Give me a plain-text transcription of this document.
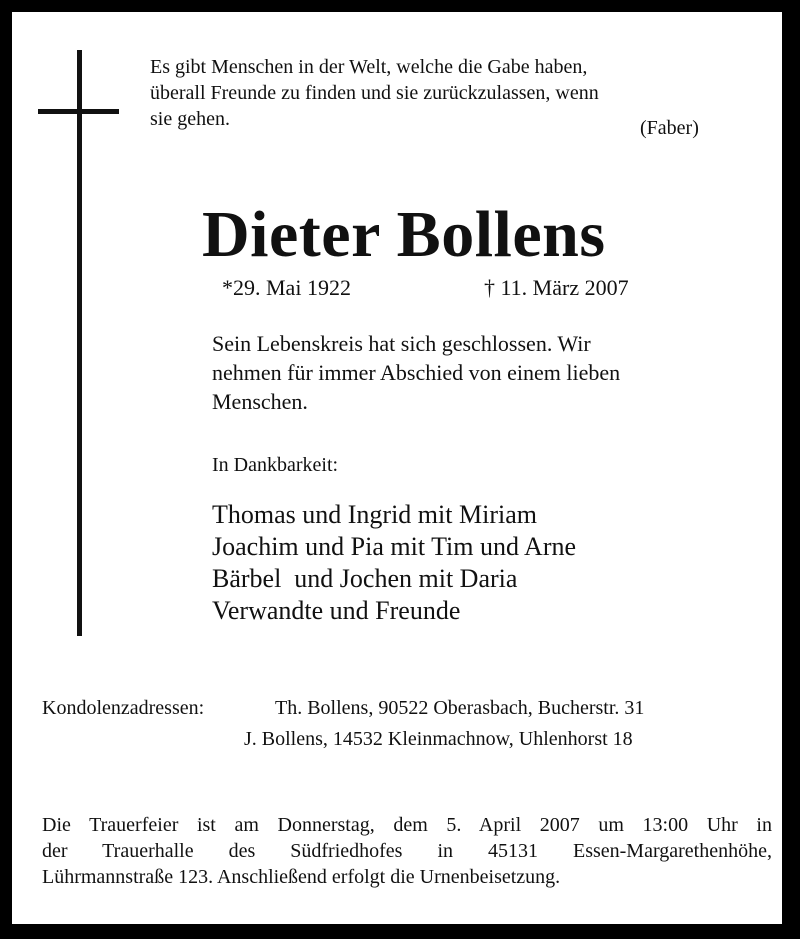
Es gibt Menschen in der Welt, welche die Gabe haben,
überall Freunde zu finden und sie zurückzulassen, wenn
sie gehen.	(Faber)
Dieter Bollens
*29. Mai 1922	† 11. März 2007

Sein Lebenskreis hat sich geschlossen. Wir
nehmen für immer Abschied von einem lieben
Menschen.

In Dankbarkeit:
Thomas und Ingrid mit Miriam
Joachim und Pia mit Tim und Arne
Bärbel  und Jochen mit Daria
Verwandte und Freunde
Kondolenzadressen:	Th. Bollens, 90522 Oberasbach, Bucherstr. 31
J. Bollens, 14532 Kleinmachnow, Uhlenhorst 18

Die Trauerfeier ist am Donnerstag, dem 5. April 2007 um 13:00 Uhr in
der Trauerhalle des Südfriedhofes in 45131 Essen-Margarethenhöhe,
Lührmannstraße 123. Anschließend erfolgt die Urnenbeisetzung.
